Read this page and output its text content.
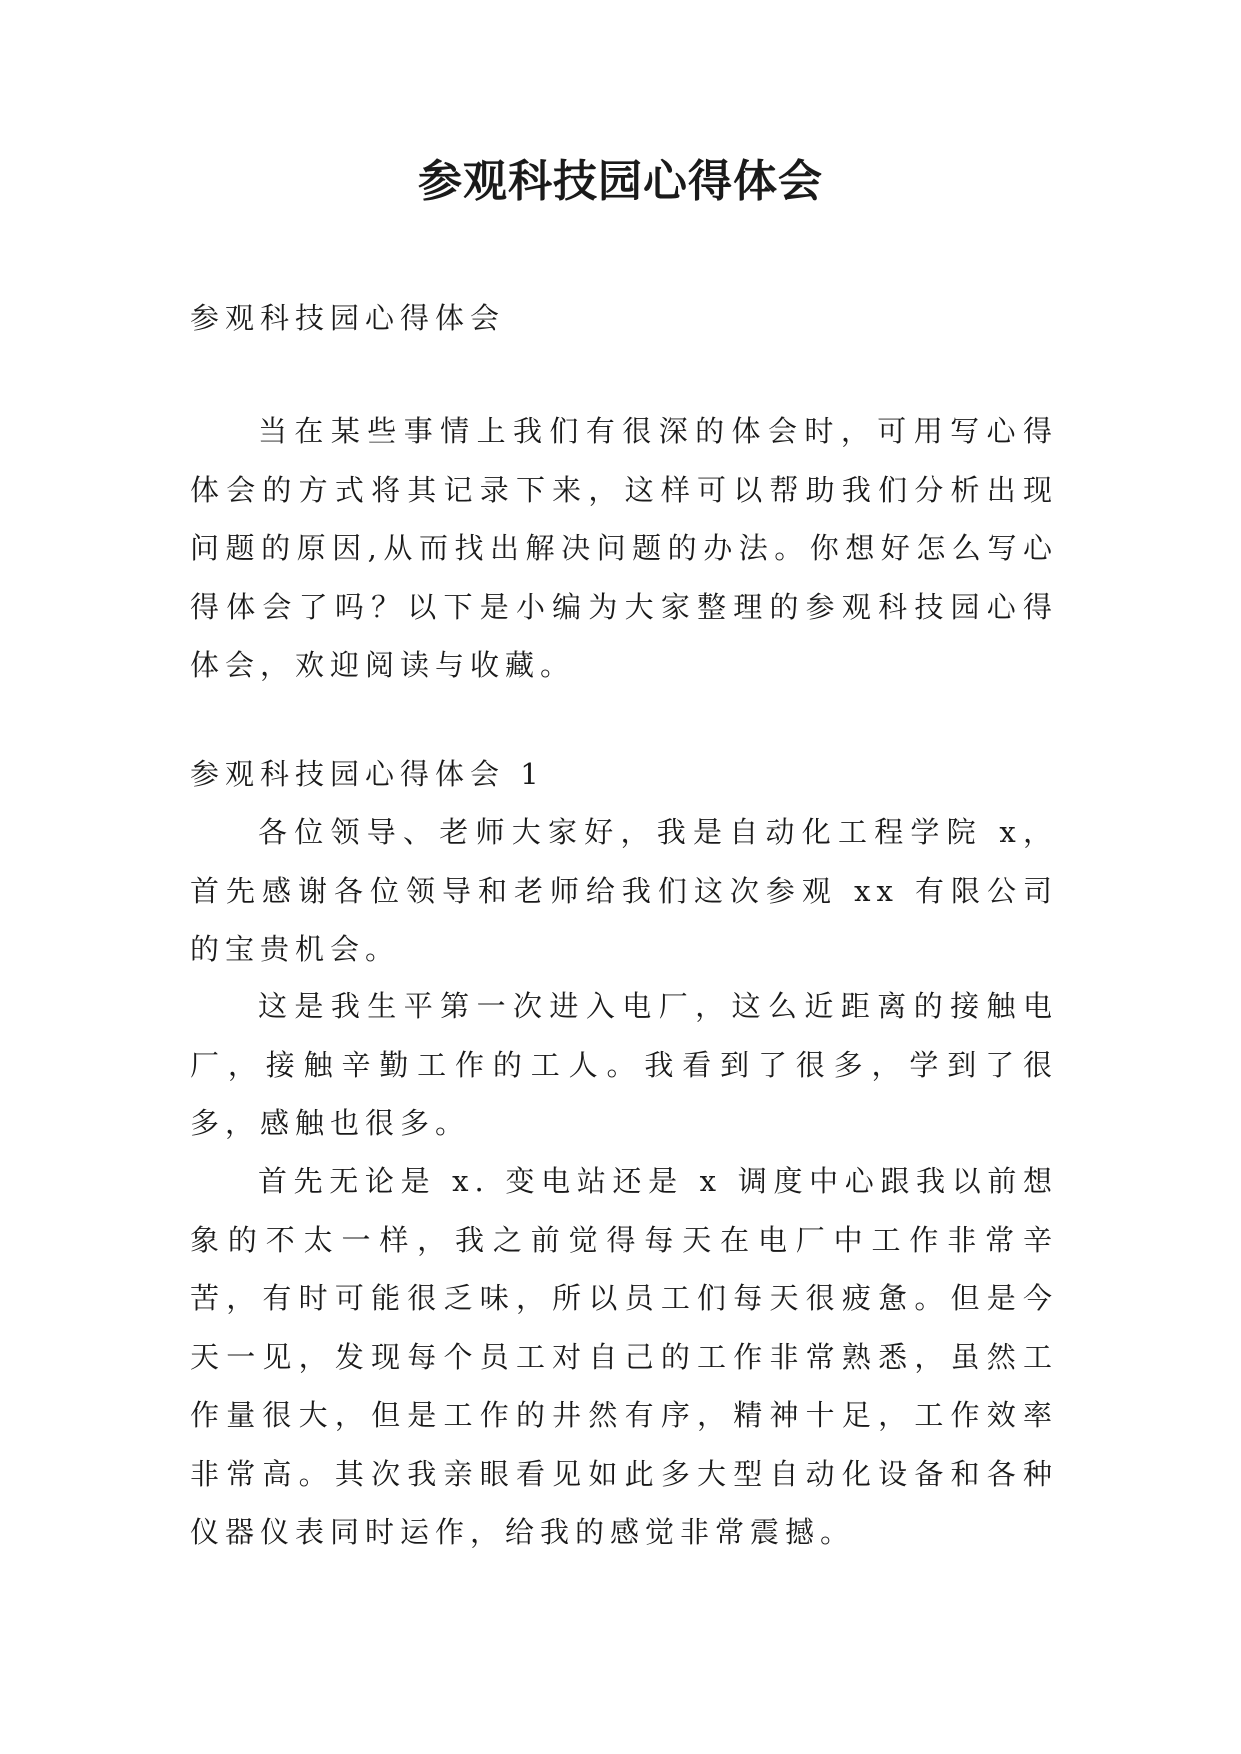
参观科技园心得体会

参观科技园心得体会

当在某些事情上我们有很深的体会时，可用写心得体会的方式将其记录下来，这样可以帮助我们分析出现问题的原因,从而找出解决问题的办法。你想好怎么写心得体会了吗？以下是小编为大家整理的参观科技园心得体会，欢迎阅读与收藏。

参观科技园心得体会 1

各位领导、老师大家好，我是自动化工程学院 x，首先感谢各位领导和老师给我们这次参观 xx 有限公司的宝贵机会。

这是我生平第一次进入电厂，这么近距离的接触电厂，接触辛勤工作的工人。我看到了很多，学到了很多，感触也很多。

首先无论是 x. 变电站还是 x 调度中心跟我以前想象的不太一样，我之前觉得每天在电厂中工作非常辛苦，有时可能很乏味，所以员工们每天很疲惫。但是今天一见，发现每个员工对自己的工作非常熟悉，虽然工作量很大，但是工作的井然有序，精神十足，工作效率非常高。其次我亲眼看见如此多大型自动化设备和各种仪器仪表同时运作，给我的感觉非常震撼。
